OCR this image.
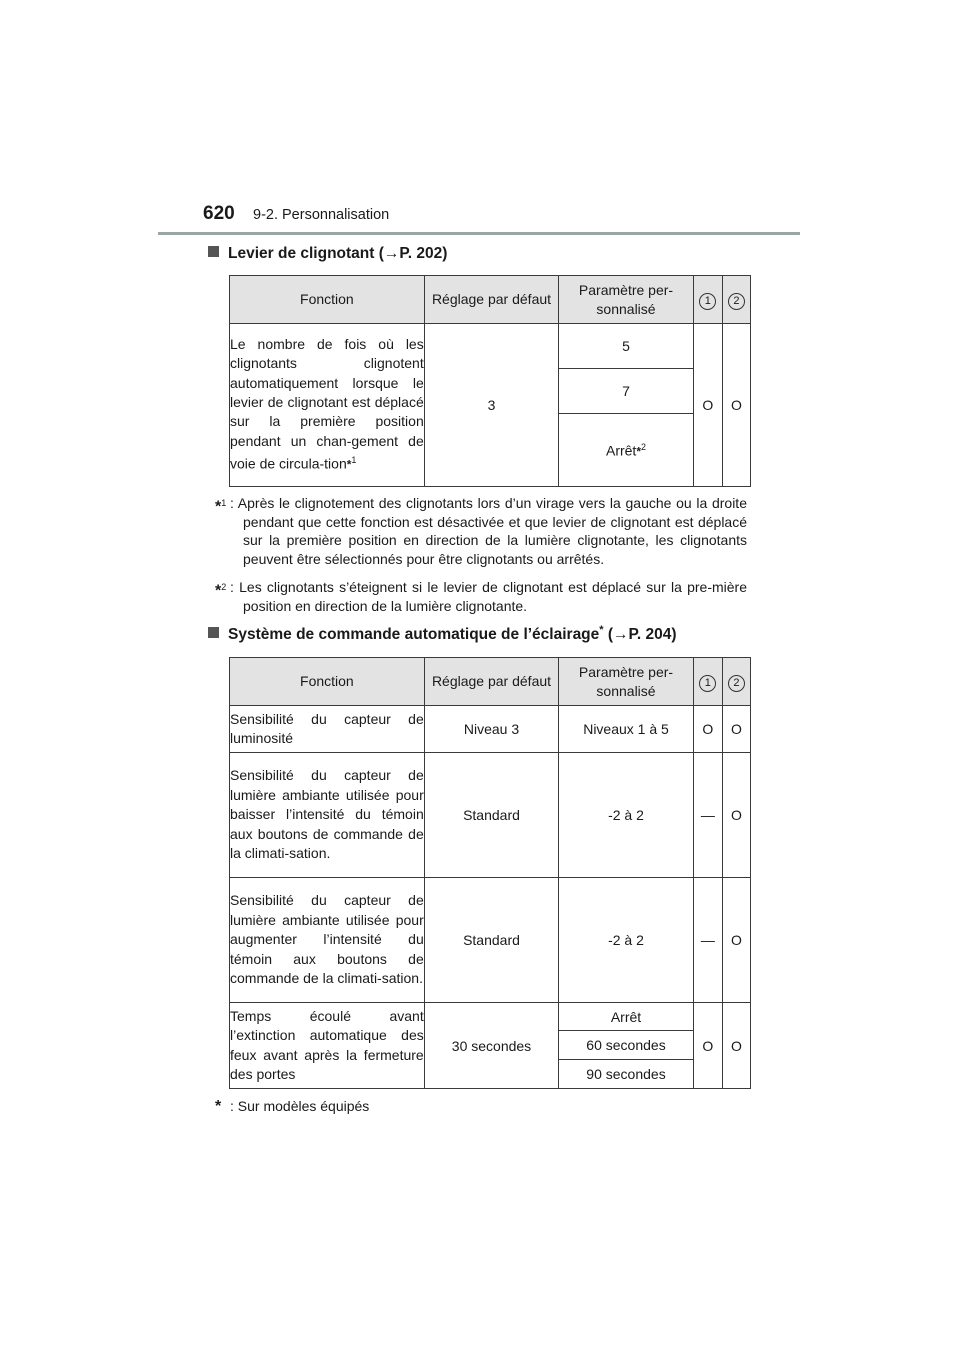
620 9-2. Personnalisation
Levier de clignotant (→P. 202)
Fonction	Réglage par défaut	Paramètre per-sonnalisé	1	2
Le nombre de fois où les clignotants clignotent automatiquement lorsque le levier de clignotant est déplacé sur la première position pendant un chan-gement de voie de circula-tion*$^1$	3	5	O	O
		7		
		Arrêt*$^2$
*$^1$ : Après le clignotement des clignotants lors d’un virage vers la gauche ou la droite pendant que cette fonction est désactivée et que levier de clignotant est déplacé sur la première position en direction de la lumière clignotante, les clignotants peuvent être sélectionnés pour être clignotants ou arrêtés.
*$^2$ : Les clignotants s’éteignent si le levier de clignotant est déplacé sur la pre-mière position en direction de la lumière clignotante.
Système de commande automatique de l’éclairage* (→P. 204)
Fonction	Réglage par défaut	Paramètre per-sonnalisé	1	2
Sensibilité du capteur de luminosité	Niveau 3	Niveaux 1 à 5	O	O
Sensibilité du capteur de lumière ambiante utilisée pour baisser l’intensité du témoin aux boutons de commande de la climati-sation.	Standard	-2 à 2	—	O
Sensibilité du capteur de lumière ambiante utilisée pour augmenter l’intensité du témoin aux boutons de commande de la climati-sation.	Standard	-2 à 2	—	O
Temps écoulé avant l’extinction automatique des feux avant après la fermeture des portes	30 secondes	Arrêt	O	O
		60 secondes		
		90 secondes		
* : Sur modèles équipés
